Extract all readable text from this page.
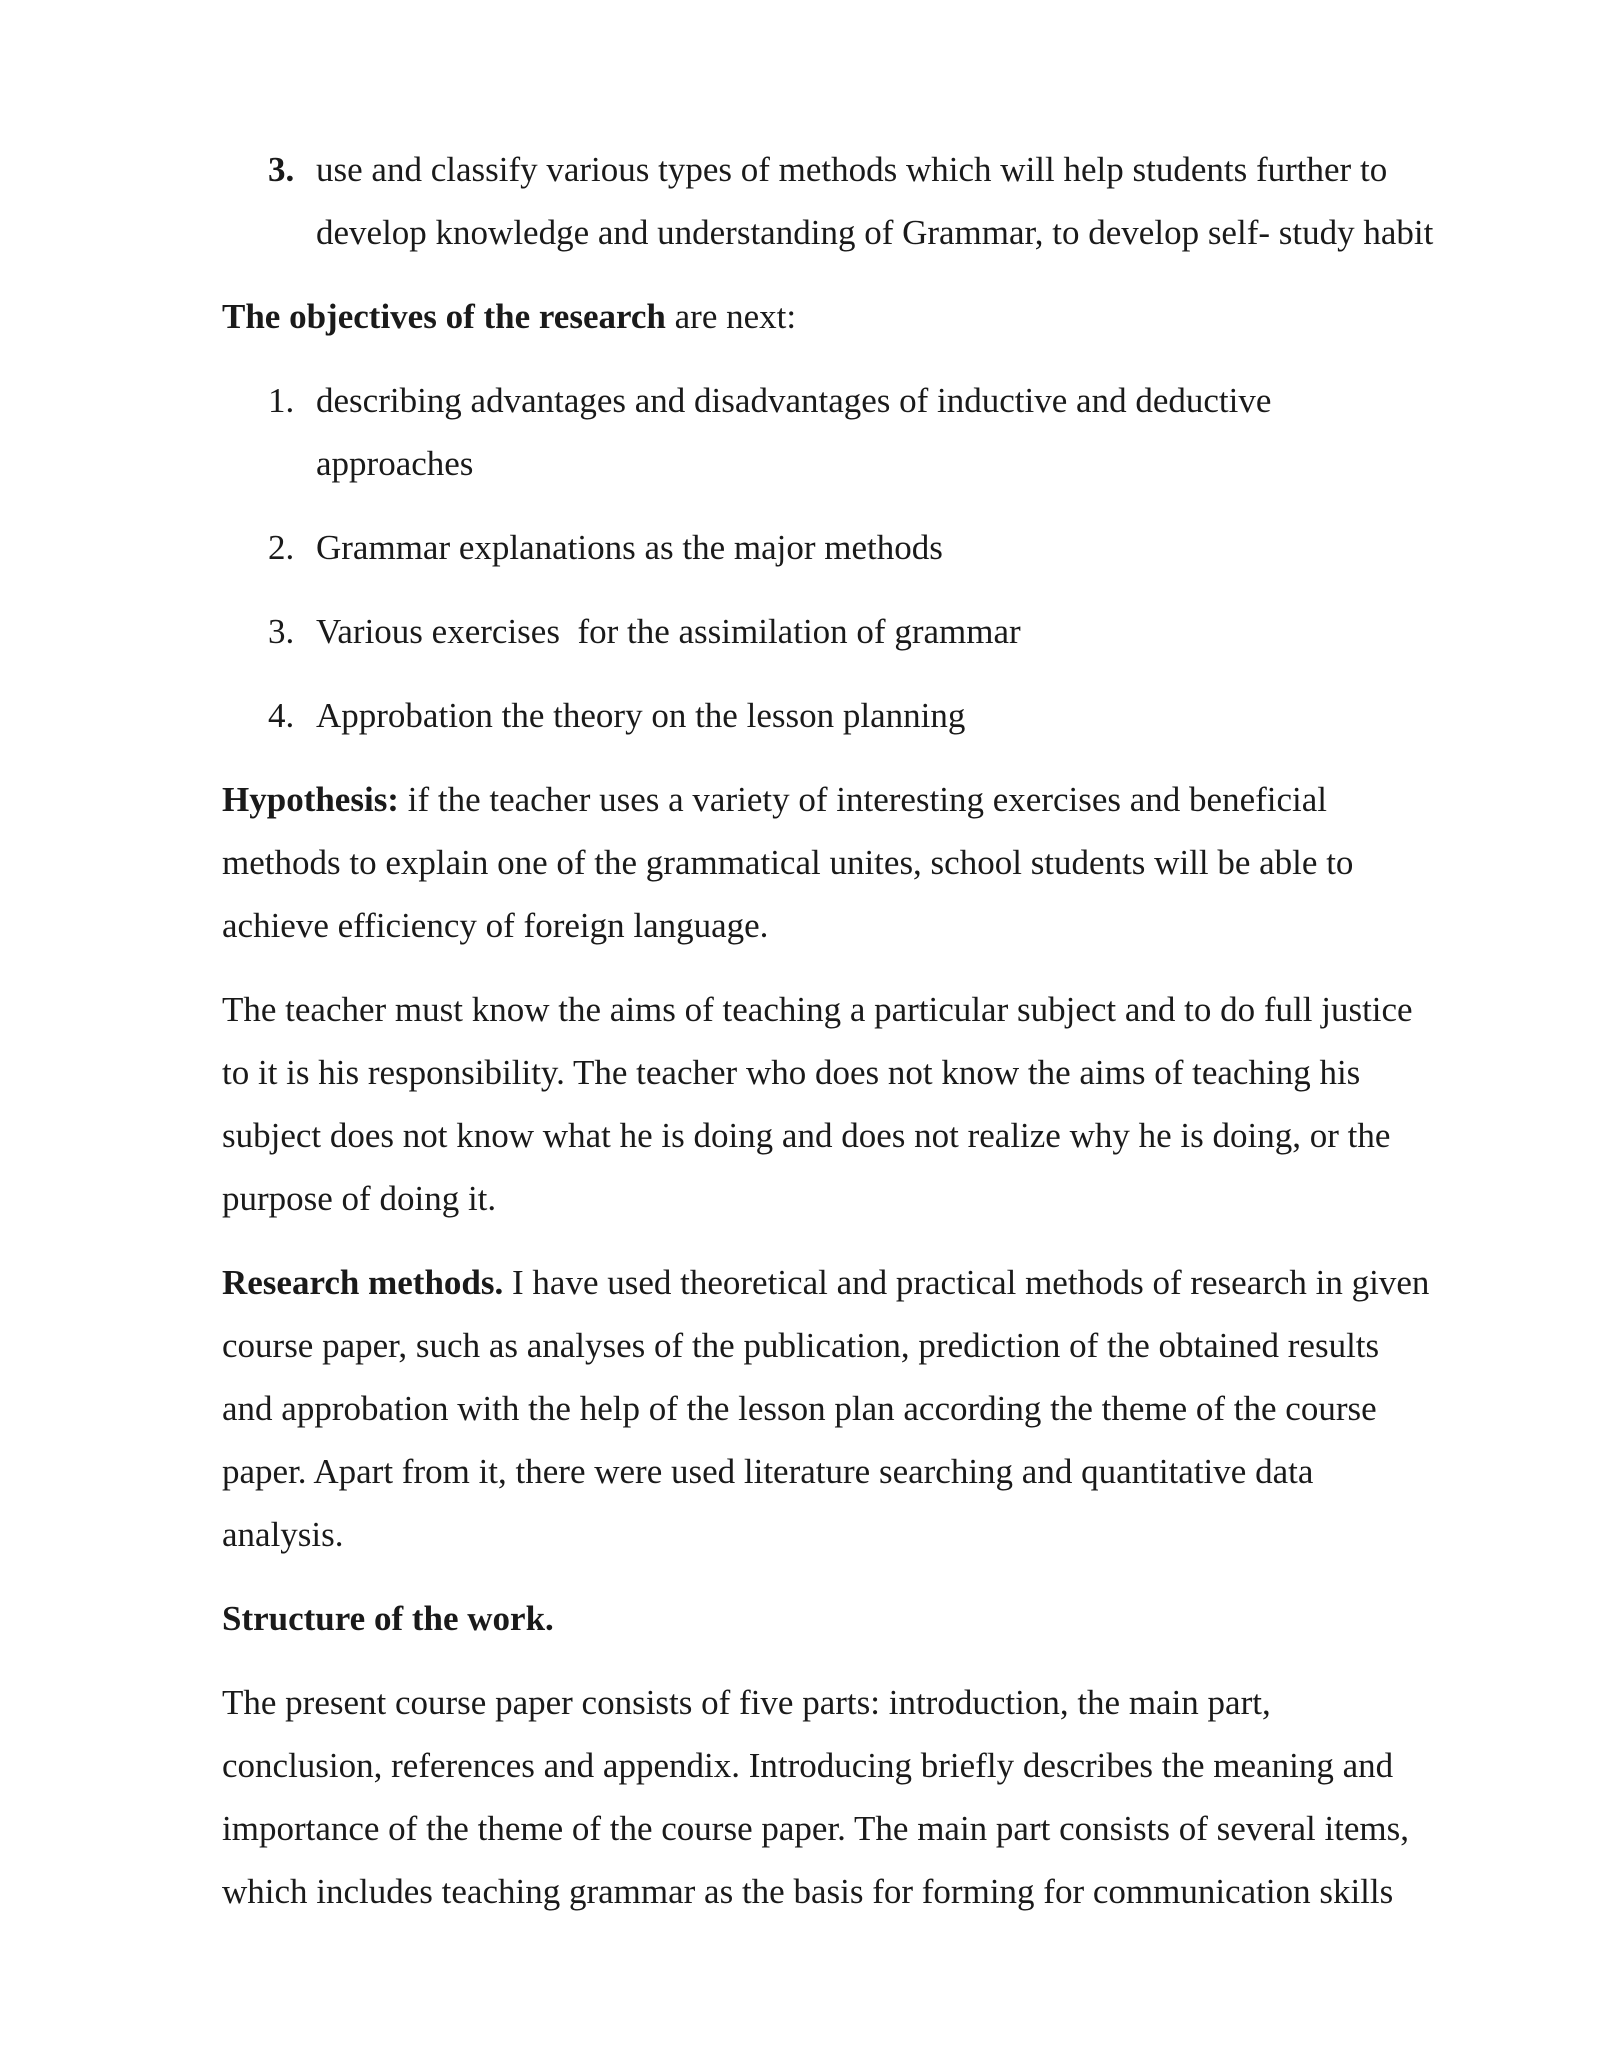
3. use and classify various types of methods which will help students further to
develop knowledge and understanding of Grammar, to develop self- study habit
The objectives of the research are next:
1. describing advantages and disadvantages of inductive and deductive
approaches
2. Grammar explanations as the major methods
3. Various exercises  for the assimilation of grammar
4. Approbation the theory on the lesson planning
Hypothesis: if the teacher uses a variety of interesting exercises and beneficial
methods to explain one of the grammatical unites, school students will be able to
achieve efficiency of foreign language.
The teacher must know the aims of teaching a particular subject and to do full justice
to it is his responsibility. The teacher who does not know the aims of teaching his
subject does not know what he is doing and does not realize why he is doing, or the
purpose of doing it.
Research methods. I have used theoretical and practical methods of research in given
course paper, such as analyses of the publication, prediction of the obtained results
and approbation with the help of the lesson plan according the theme of the course
paper. Apart from it, there were used literature searching and quantitative data
analysis.
Structure of the work.
The present course paper consists of five parts: introduction, the main part,
conclusion, references and appendix. Introducing briefly describes the meaning and
importance of the theme of the course paper. The main part consists of several items,
which includes teaching grammar as the basis for forming for communication skills
